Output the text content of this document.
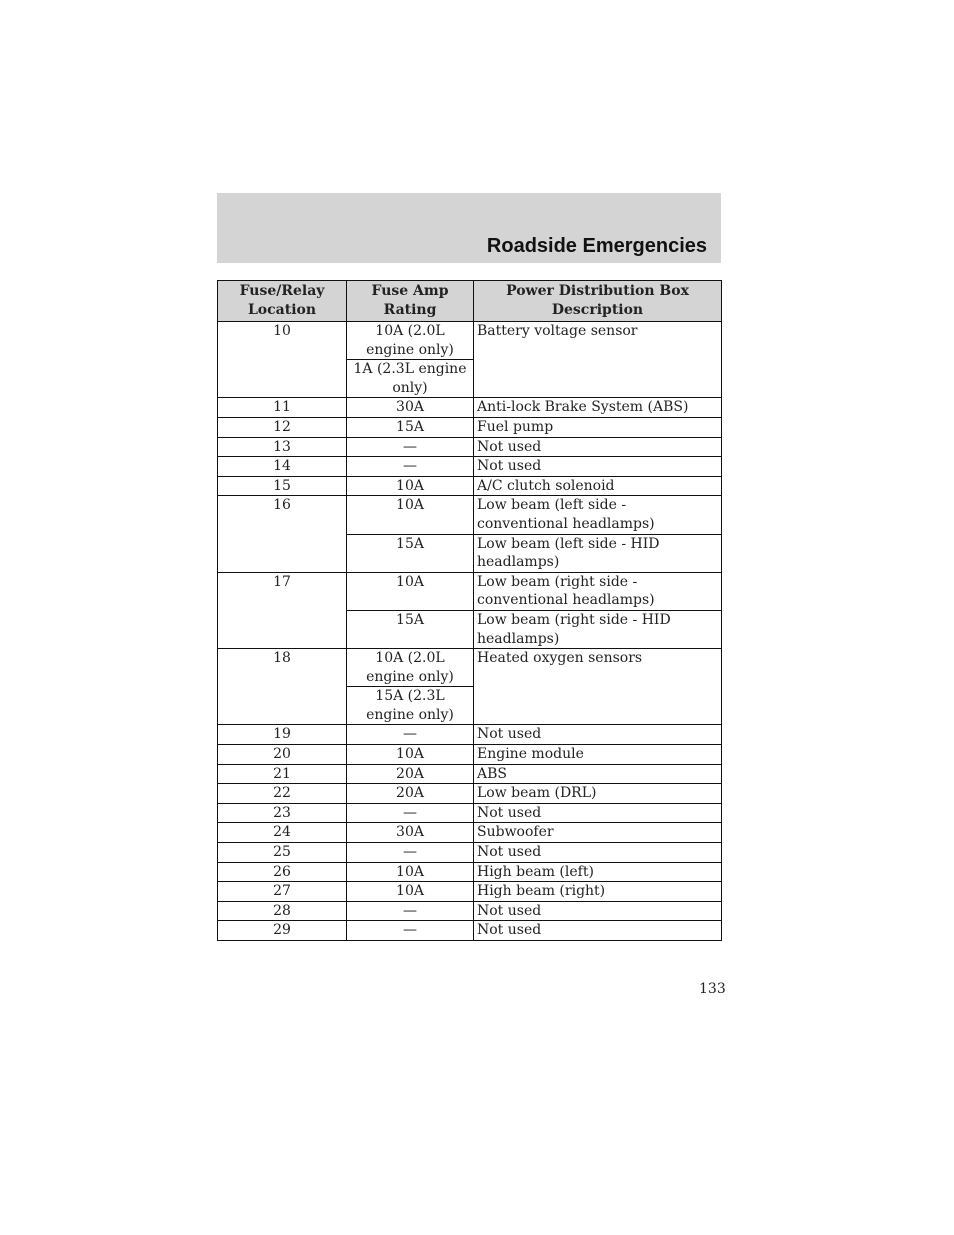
Roadside Emergencies
Fuse/Relay Location	Fuse Amp Rating	Power Distribution Box Description
10	10A (2.0L engine only)	Battery voltage sensor
	1A (2.3L engine only)	
11	30A	Anti-lock Brake System (ABS)
12	15A	Fuel pump
13	—	Not used
14	—	Not used
15	10A	A/C clutch solenoid
16	10A	Low beam (left side - conventional headlamps)
	15A	Low beam (left side - HID headlamps)
17	10A	Low beam (right side - conventional headlamps)
	15A	Low beam (right side - HID headlamps)
18	10A (2.0L engine only)	Heated oxygen sensors
	15A (2.3L engine only)	
19	—	Not used
20	10A	Engine module
21	20A	ABS
22	20A	Low beam (DRL)
23	—	Not used
24	30A	Subwoofer
25	—	Not used
26	10A	High beam (left)
27	10A	High beam (right)
28	—	Not used
29	—	Not used
133
